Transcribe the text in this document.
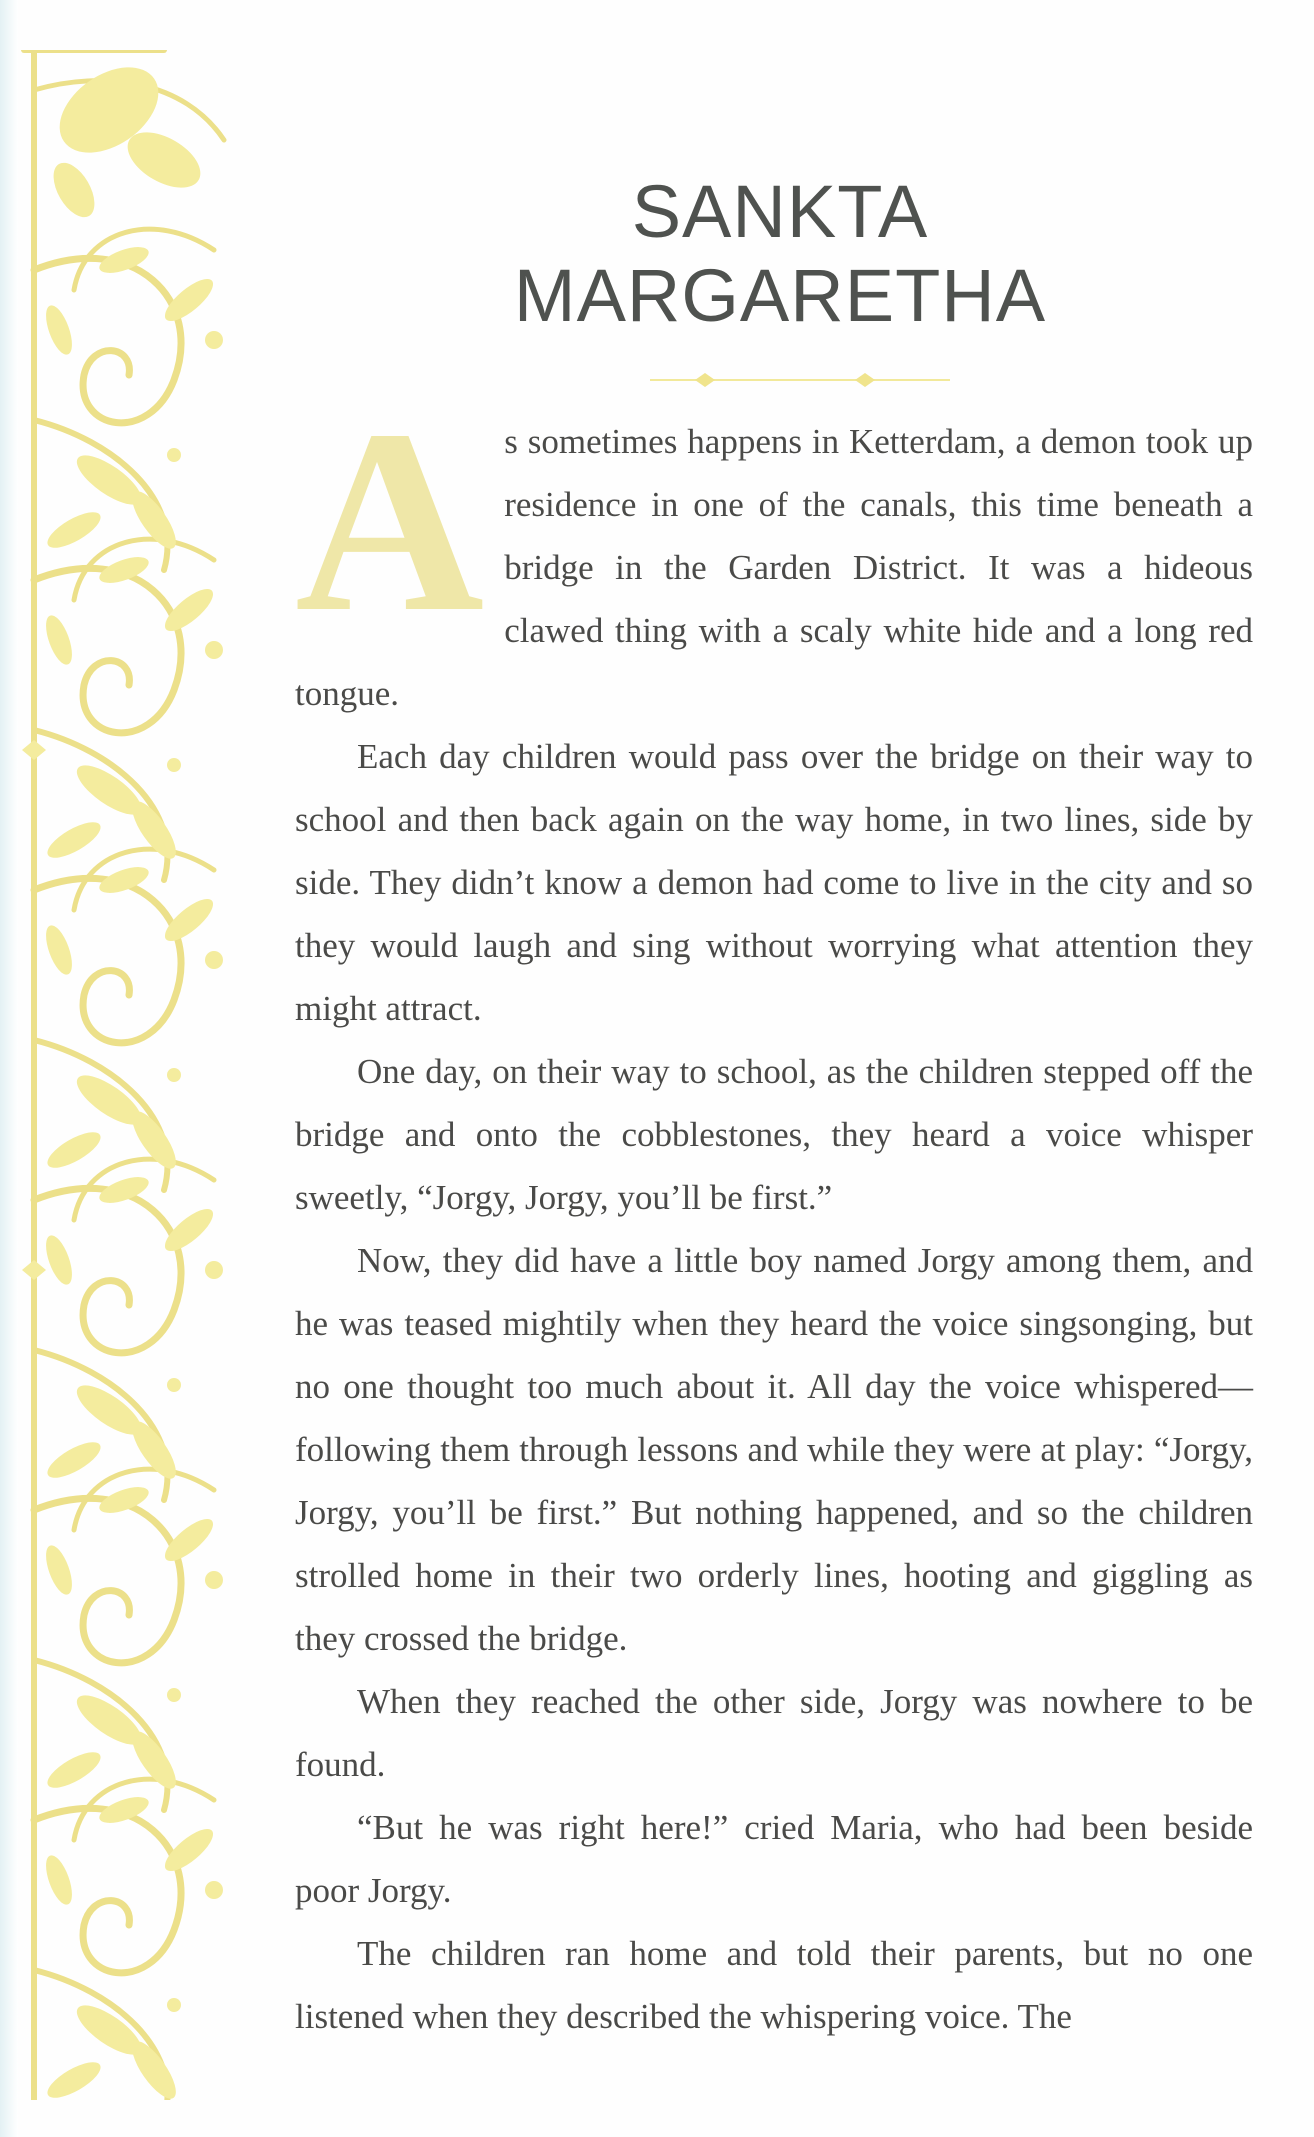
SANKTA
MARGARETHA

As sometimes happens in Ketterdam, a demon took up residence in one of the canals, this time beneath a bridge in the Garden District. It was a hideous clawed thing with a scaly white hide and a long red tongue.

Each day children would pass over the bridge on their way to school and then back again on the way home, in two lines, side by side. They didn’t know a demon had come to live in the city and so they would laugh and sing without worrying what attention they might attract.

One day, on their way to school, as the children stepped off the bridge and onto the cobblestones, they heard a voice whisper sweetly, “Jorgy, Jorgy, you’ll be first.”

Now, they did have a little boy named Jorgy among them, and he was teased mightily when they heard the voice singsonging, but no one thought too much about it. All day the voice whispered—following them through lessons and while they were at play: “Jorgy, Jorgy, you’ll be first.” But nothing happened, and so the children strolled home in their two orderly lines, hooting and giggling as they crossed the bridge.

When they reached the other side, Jorgy was nowhere to be found.

“But he was right here!” cried Maria, who had been beside poor Jorgy.

The children ran home and told their parents, but no one listened when they described the whispering voice. The
